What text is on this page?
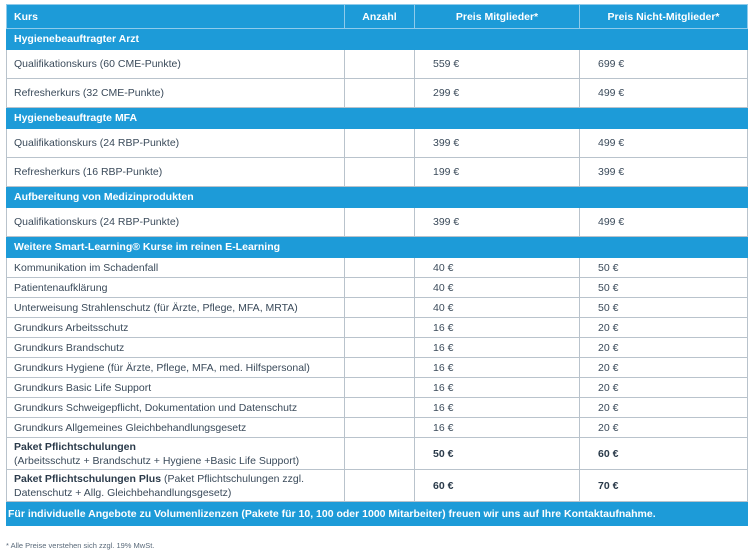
Kurs	Anzahl	Preis Mitglieder*	Preis Nicht-Mitglieder*
Hygienebeauftragter Arzt			
Qualifikationskurs (60 CME-Punkte)		559 €	699 €
Refresherkurs (32 CME-Punkte)		299 €	499 €
Hygienebeauftragte MFA			
Qualifikationskurs (24 RBP-Punkte)		399 €	499 €
Refresherkurs (16 RBP-Punkte)		199 €	399 €
Aufbereitung von Medizinprodukten			
Qualifikationskurs (24 RBP-Punkte)		399 €	499 €
Weitere Smart-Learning® Kurse im reinen E-Learning			
Kommunikation im Schadenfall		40 €	50 €
Patientenaufklärung		40 €	50 €
Unterweisung Strahlenschutz (für Ärzte, Pflege, MFA, MRTA)		40 €	50 €
Grundkurs Arbeitsschutz		16 €	20 €
Grundkurs Brandschutz		16 €	20 €
Grundkurs Hygiene (für Ärzte, Pflege, MFA, med. Hilfspersonal)		16 €	20 €
Grundkurs Basic Life Support		16 €	20 €
Grundkurs Schweigepflicht, Dokumentation und Datenschutz		16 €	20 €
Grundkurs Allgemeines Gleichbehandlungsgesetz		16 €	20 €
Paket Pflichtschulungen
(Arbeitsschutz + Brandschutz + Hygiene +Basic Life Support)		50 €	60 €
Paket Pflichtschulungen Plus (Paket Pflichtschulungen zzgl. Datenschutz + Allg. Gleichbehandlungsgesetz)		60 €	70 €
Für individuelle Angebote zu Volumenlizenzen (Pakete für 10, 100 oder 1000 Mitarbeiter) freuen wir uns auf Ihre Kontaktaufnahme.			
* Alle Preise verstehen sich zzgl. 19% MwSt.
